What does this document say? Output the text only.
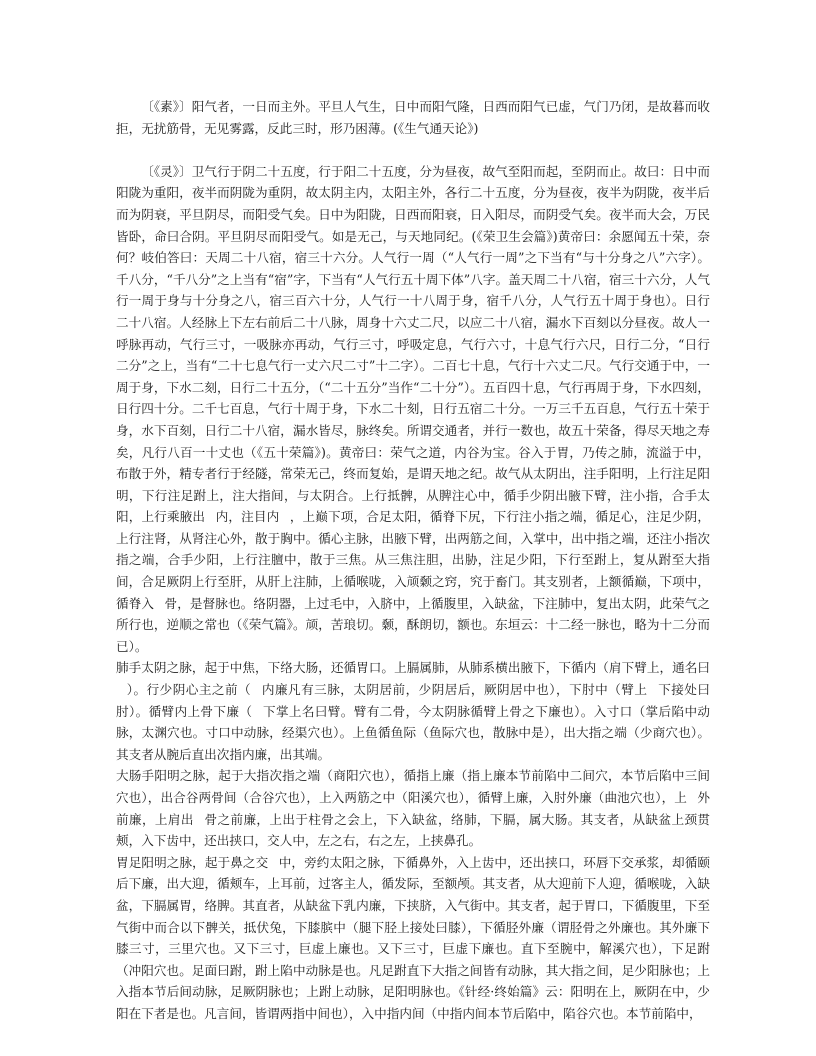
〔《素》〕阳气者，一日而主外。平旦人气生，日中而阳气隆，日西而阳气已虚，气门乃闭，是故暮而收拒，无扰筋骨，无见雾露，反此三时，形乃困薄。(《生气通天论》)

〔《灵》〕卫气行于阴二十五度，行于阳二十五度，分为昼夜，故气至阳而起，至阴而止。故曰：日中而阳陇为重阳，夜半而阴陇为重阴，故太阴主内，太阳主外，各行二十五度，分为昼夜，夜半为阴陇，夜半后而为阴衰，平旦阴尽，而阳受气矣。日中为阳陇，日西而阳衰，日入阳尽，而阴受气矣。夜半而大会，万民皆卧，命曰合阴。平旦阴尽而阳受气。如是无己，与天地同纪。(《荣卫生会篇》)黄帝曰：余愿闻五十荣，奈何？岐伯答曰：天周二十八宿，宿三十六分。人气行一周（“人气行一周”之下当有“与十分身之八”六字）。千八分，“千八分”之上当有“宿”字，下当有“人气行五十周下体”八字。盖天周二十八宿，宿三十六分，人气行一周于身与十分身之八，宿三百六十分，人气行一十八周于身，宿千八分，人气行五十周于身也）。日行二十八宿。人经脉上下左右前后二十八脉，周身十六丈二尺，以应二十八宿，漏水下百刻以分昼夜。故人一呼脉再动，气行三寸，一吸脉亦再动，气行三寸，呼吸定息，气行六寸，十息气行六尺，日行二分，“日行二分”之上，当有“二十七息气行一丈六尺二寸”十二字）。二百七十息，气行十六丈二尺。气行交通于中，一周于身，下水二刻，日行二十五分，（“二十五分”当作“二十分”）。五百四十息，气行再周于身，下水四刻，日行四十分。二千七百息，气行十周于身，下水二十刻，日行五宿二十分。一万三千五百息，气行五十荣于身，水下百刻，日行二十八宿，漏水皆尽，脉终矣。所谓交通者，并行一数也，故五十荣备，得尽天地之寿矣，凡行八百一十丈也（《五十荣篇》)。黄帝曰：荣气之道，内谷为宝。谷入于胃，乃传之肺，流溢于中，布散于外，精专者行于经隧，常荣无己，终而复始，是谓天地之纪。故气从太阴出，注手阳明，上行注足阳明，下行注足跗上，注大指间，与太阴合。上行抵髀，从脾注心中，循手少阴出腋下臂，注小指，合手太阳，上行乘腋出 内，注目内 ，上巅下项，合足太阳，循脊下尻，下行注小指之端，循足心，注足少阴，上行注肾，从肾注心外，散于胸中。循心主脉，出腋下臂，出两筋之间，入掌中，出中指之端，还注小指次指之端，合手少阳，上行注膻中，散于三焦。从三焦注胆，出胁，注足少阳，下行至跗上，复从跗至大指间，合足厥阴上行至肝，从肝上注肺，上循喉咙，入颃颡之窍，究于畜门。其支别者，上额循巅，下项中，循脊入 骨，是督脉也。络阴器，上过毛中，入脐中，上循腹里，入缺盆，下注肺中，复出太阴，此荣气之所行也，逆顺之常也（《荣气篇》。颃，苦琅切。颡，酥朗切，额也。东垣云：十二经一脉也，略为十二分而已）。

肺手太阴之脉，起于中焦，下络大肠，还循胃口。上膈属肺，从肺系横出腋下，下循内（肩下臂上，通名曰）。行少阴心主之前（ 内廉凡有三脉，太阴居前，少阴居后，厥阴居中也），下肘中（臂上 下接处曰肘）。循臂内上骨下廉（ 下掌上名曰臂。臂有二骨，今太阴脉循臂上骨之下廉也）。入寸口（掌后陷中动脉，太渊穴也。寸口中动脉，经渠穴也）。上鱼循鱼际（鱼际穴也，散脉中是），出大指之端（少商穴也）。其支者从腕后直出次指内廉，出其端。

大肠手阳明之脉，起于大指次指之端（商阳穴也），循指上廉（指上廉本节前陷中二间穴，本节后陷中三间穴也），出合谷两骨间（合谷穴也），上入两筋之中（阳溪穴也），循臂上廉，入肘外廉（曲池穴也），上 外前廉，上肩出 骨之前廉，上出于柱骨之会上，下入缺盆，络肺，下膈，属大肠。其支者，从缺盆上颈贯颊，入下齿中，还出挟口，交人中，左之右，右之左，上挟鼻孔。

胃足阳明之脉，起于鼻之交 中，旁约太阳之脉，下循鼻外，入上齿中，还出挟口，环唇下交承浆，却循颐后下廉，出大迎，循颊车，上耳前，过客主人，循发际，至额颅。其支者，从大迎前下人迎，循喉咙，入缺盆，下膈属胃，络脾。其直者，从缺盆下乳内廉，下挟脐，入气街中。其支者，起于胃口，下循腹里，下至气街中而合以下髀关，抵伏兔，下膝膑中（腿下胫上接处曰膝），下循胫外廉（谓胫骨之外廉也。其外廉下膝三寸，三里穴也。又下三寸，巨虚上廉也。又下三寸，巨虚下廉也。直下至腕中，解溪穴也），下足跗（冲阳穴也。足面曰跗，跗上陷中动脉是也。凡足跗直下大指之间皆有动脉，其大指之间，足少阳脉也；上入指本节后间动脉，足厥阴脉也；上跗上动脉，足阳明脉也。《针经·终始篇》云：阳明在上，厥阴在中，少阳在下者是也。凡言间，皆谓两指中间也），入中指内间（中指内间本节后陷中，陷谷穴也。本节前陷中，
